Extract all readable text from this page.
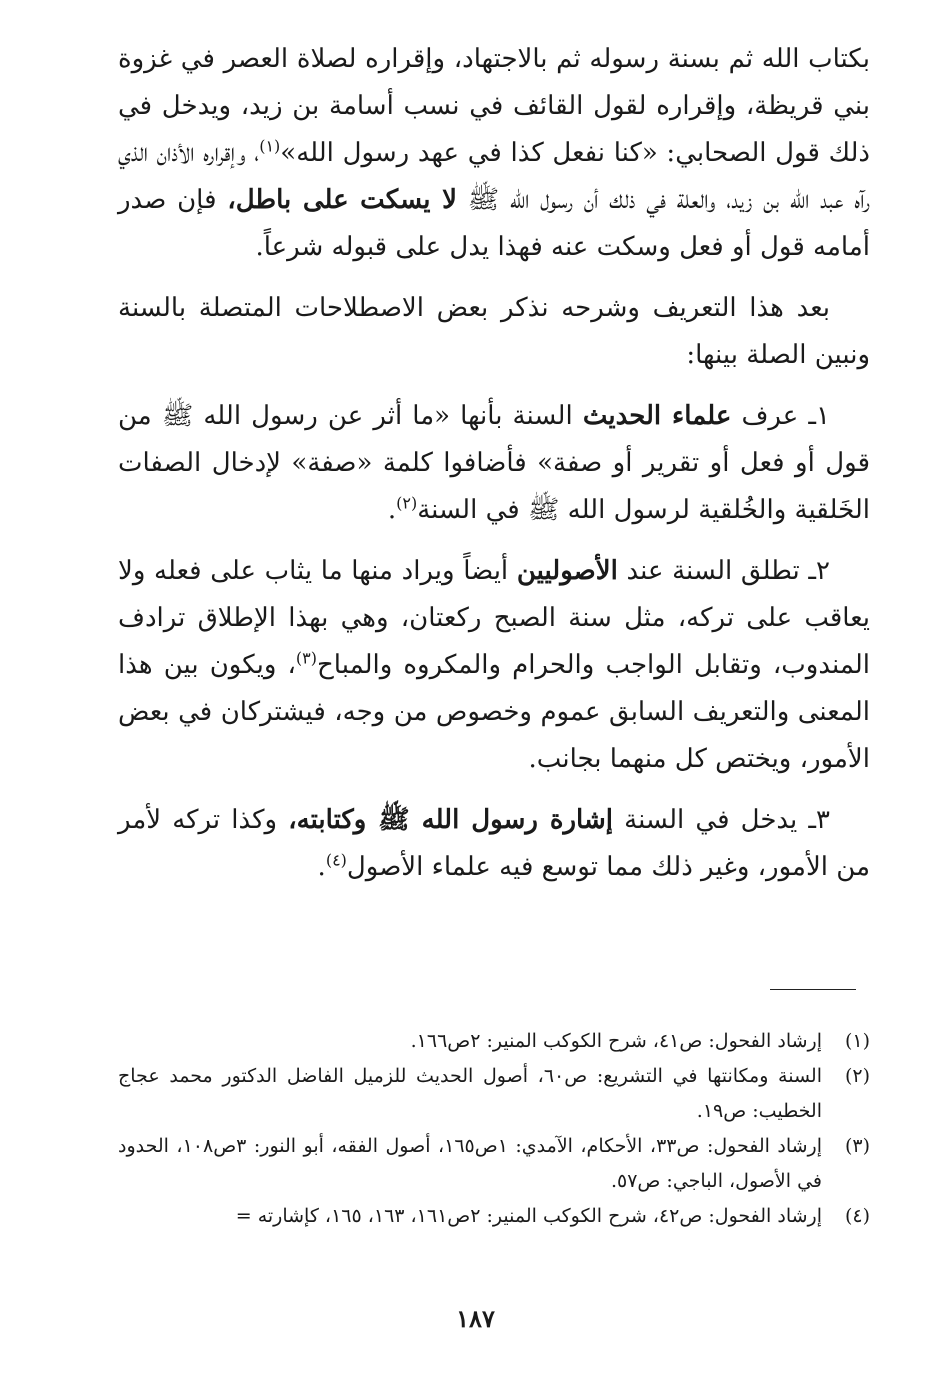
بكتاب الله ثم بسنة رسوله ثم بالاجتهاد، وإقراره لصلاة العصر في غزوة بني قريظة، وإقراره لقول القائف في نسب أسامة بن زيد، ويدخل في ذلك قول الصحابي: «كنا نفعل كذا في عهد رسول الله»$^{(١)}$، وإقراره الأذان الذي رآه عبد الله بن زيد، والعلة في ذلك أن رسول الله ﷺ لا يسكت على باطل، فإن صدر أمامه قول أو فعل وسكت عنه فهذا يدل على قبوله شرعاً.

بعد هذا التعريف وشرحه نذكر بعض الاصطلاحات المتصلة بالسنة ونبين الصلة بينها:

١ـ عرف علماء الحديث السنة بأنها «ما أثر عن رسول الله ﷺ من قول أو فعل أو تقرير أو صفة» فأضافوا كلمة «صفة» لإدخال الصفات الخَلقية والخُلقية لرسول الله ﷺ في السنة$^{(٢)}$.

٢ـ تطلق السنة عند الأصوليين أيضاً ويراد منها ما يثاب على فعله ولا يعاقب على تركه، مثل سنة الصبح ركعتان، وهي بهذا الإطلاق ترادف المندوب، وتقابل الواجب والحرام والمكروه والمباح$^{(٣)}$، ويكون بين هذا المعنى والتعريف السابق عموم وخصوص من وجه، فيشتركان في بعض الأمور، ويختص كل منهما بجانب.

٣ـ يدخل في السنة إشارة رسول الله ﷺ وكتابته، وكذا تركه لأمر من الأمور، وغير ذلك مما توسع فيه علماء الأصول$^{(٤)}$.

(١)
إرشاد الفحول: ص٤١، شرح الكوكب المنير: ٢ص١٦٦.
(٢)
السنة ومكانتها في التشريع: ص٦٠، أصول الحديث للزميل الفاضل الدكتور محمد عجاج الخطيب: ص١٩.
(٣)
إرشاد الفحول: ص٣٣، الأحكام، الآمدي: ١ص١٦٥، أصول الفقه، أبو النور: ٣ص١٠٨، الحدود في الأصول، الباجي: ص٥٧.
(٤)
إرشاد الفحول: ص٤٢، شرح الكوكب المنير: ٢ص١٦١، ١٦٣، ١٦٥، كإشارته =
١٨٧
